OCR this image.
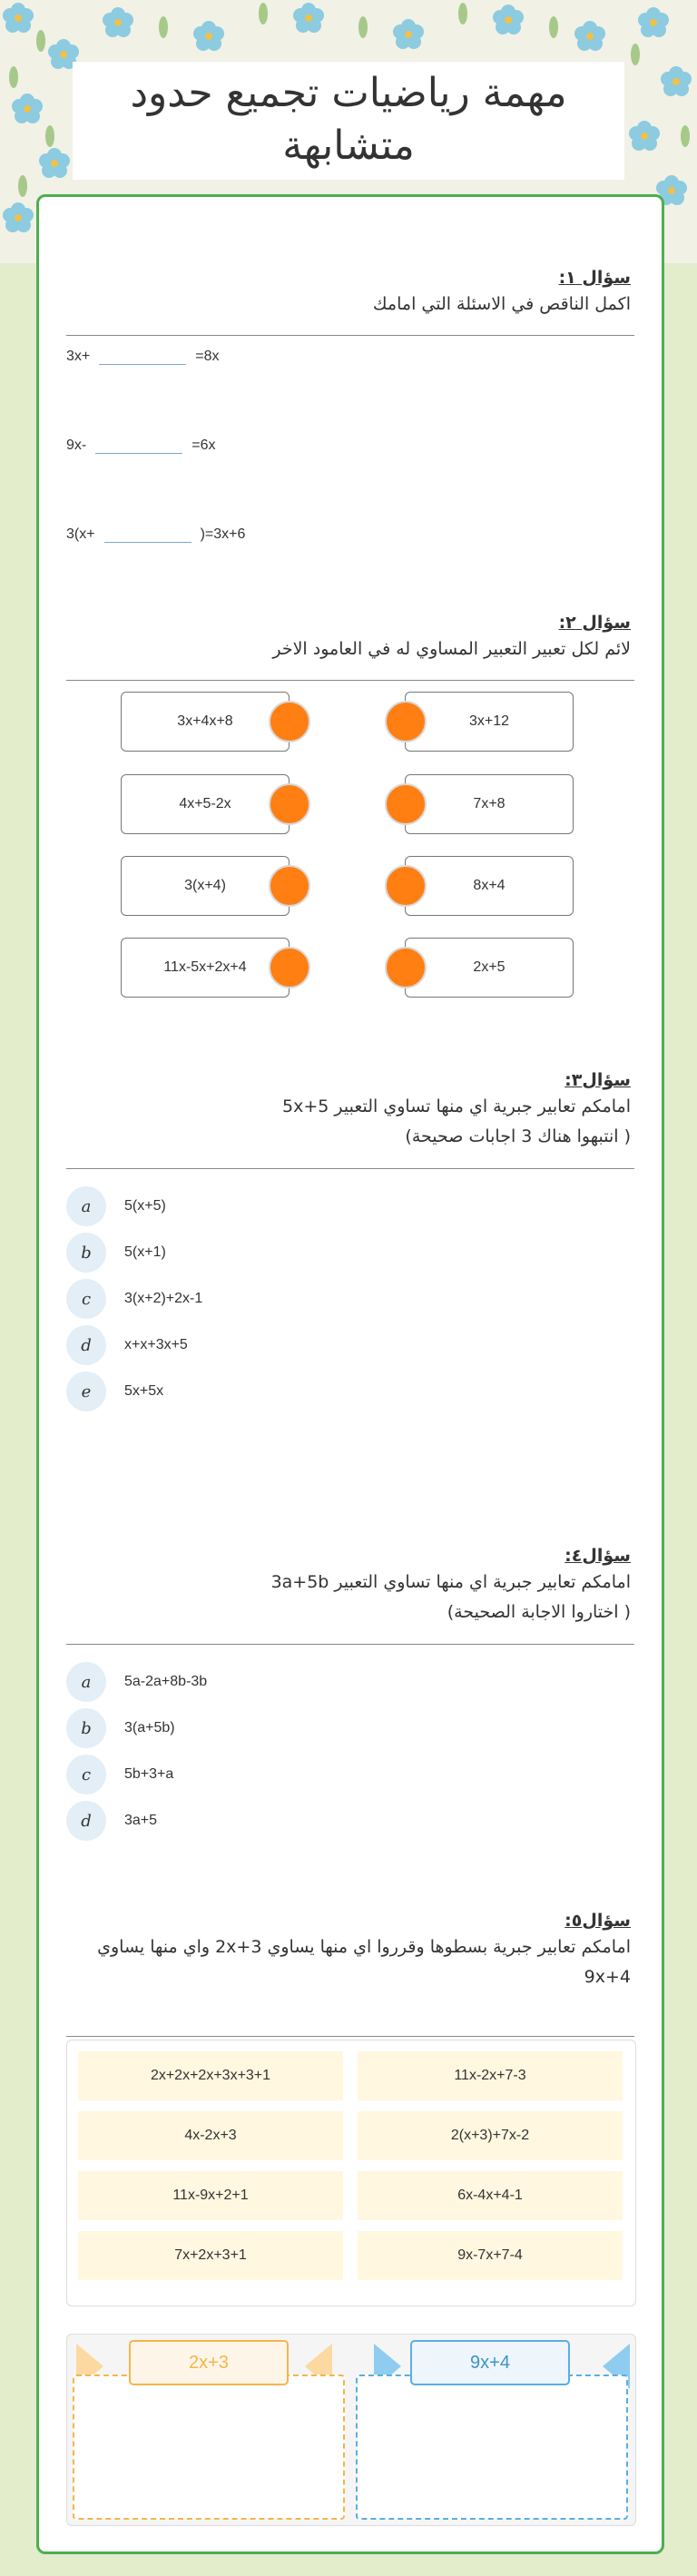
مهمة رياضيات تجميع حدود متشابهة
سؤال ١:
اكمل الناقص في الاسئلة التي امامك
3x+	=8x
9x-	=6x
3(x+	)=3x+6
سؤال ٢:
لائم لكل تعبير التعبير المساوي له في العامود الاخر
3x+4x+8
4x+5-2x
3(x+4)
11x-5x+2x+4
3x+12
7x+8
8x+4
2x+5
سؤال٣:
امامكم تعابير جبرية اي منها تساوي التعبير 5x+5
( انتبهوا هناك 3 اجابات صحيحة)
a	5(x+5)
b	5(x+1)
c	3(x+2)+2x-1
d	x+x+3x+5
e	5x+5x
سؤال٤:
امامكم تعابير جبرية اي منها تساوي التعبير 3a+5b
( اختاروا الاجابة الصحيحة)
a	5a-2a+8b-3b
b	3(a+5b)
c	5b+3+a
d	3a+5
سؤال٥:
امامكم تعابير جبرية بسطوها وقرروا اي منها يساوي 2x+3 واي منها يساوي 9x+4
2x+2x+2x+3x+3+1	11x-2x+7-3
4x-2x+3	2(x+3)+7x-2
11x-9x+2+1	6x-4x+4-1
7x+2x+3+1	9x-7x+7-4
2x+3	9x+4
